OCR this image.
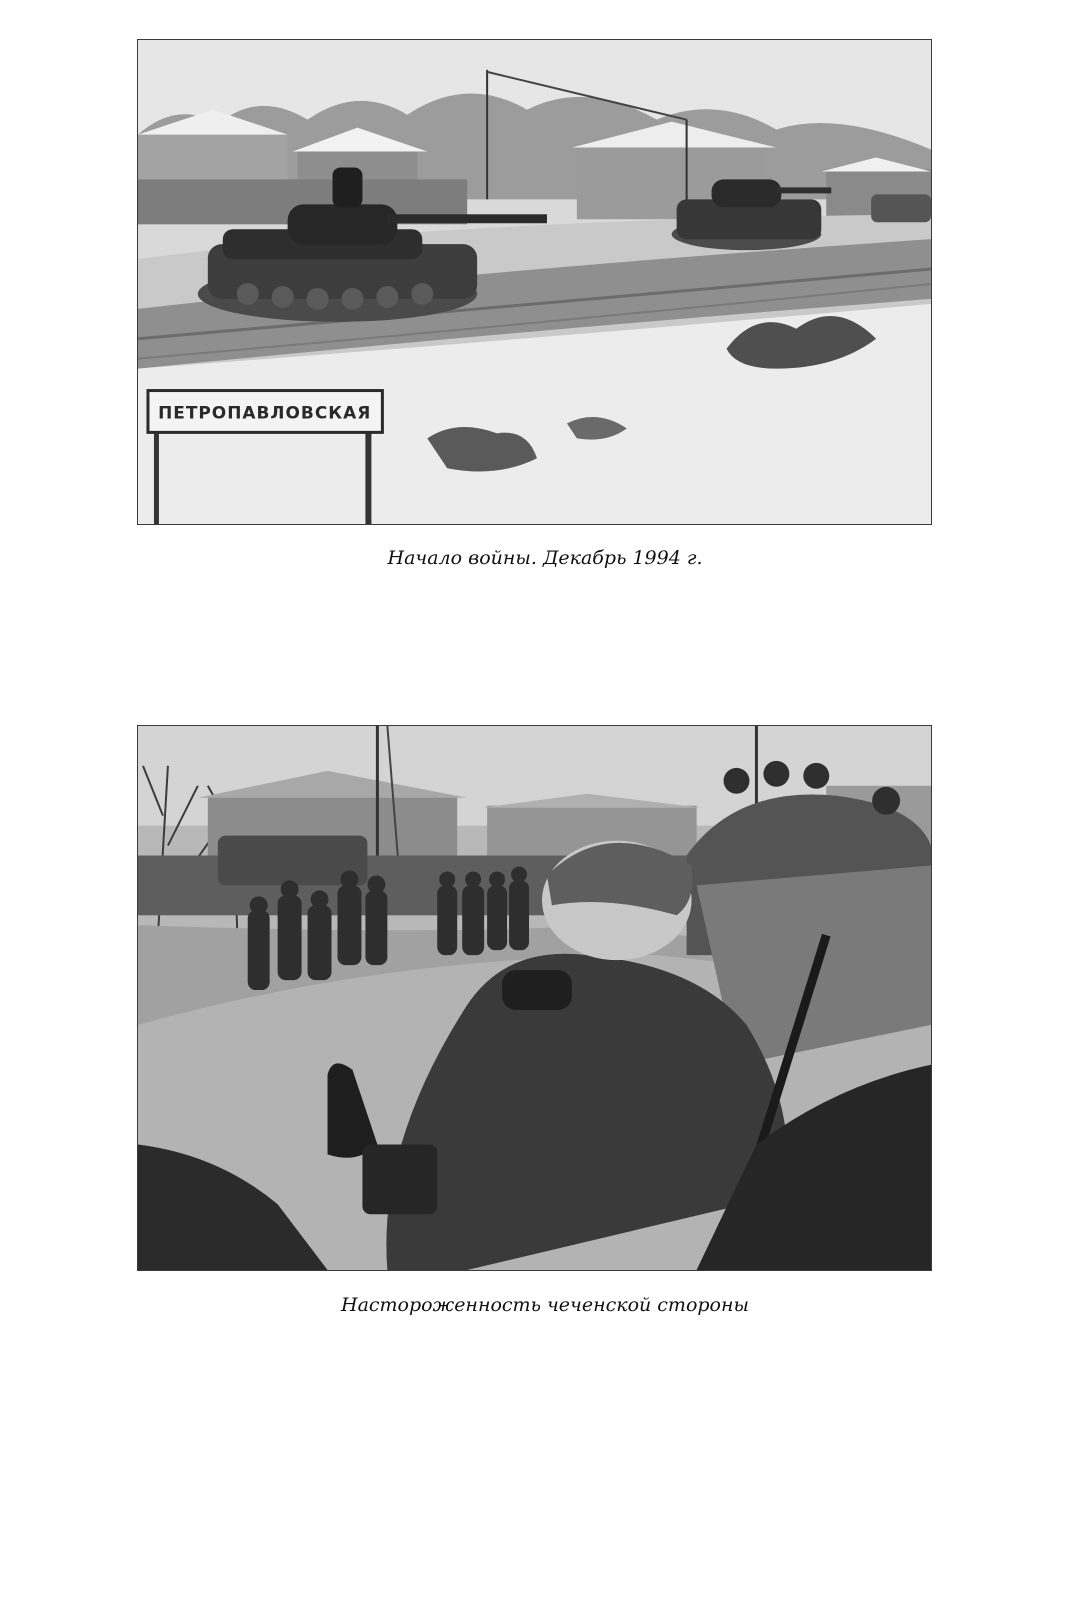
ПЕТРОПАВЛОВСКАЯ

Начало войны. Декабрь 1994 г.

Настороженность чеченской стороны
